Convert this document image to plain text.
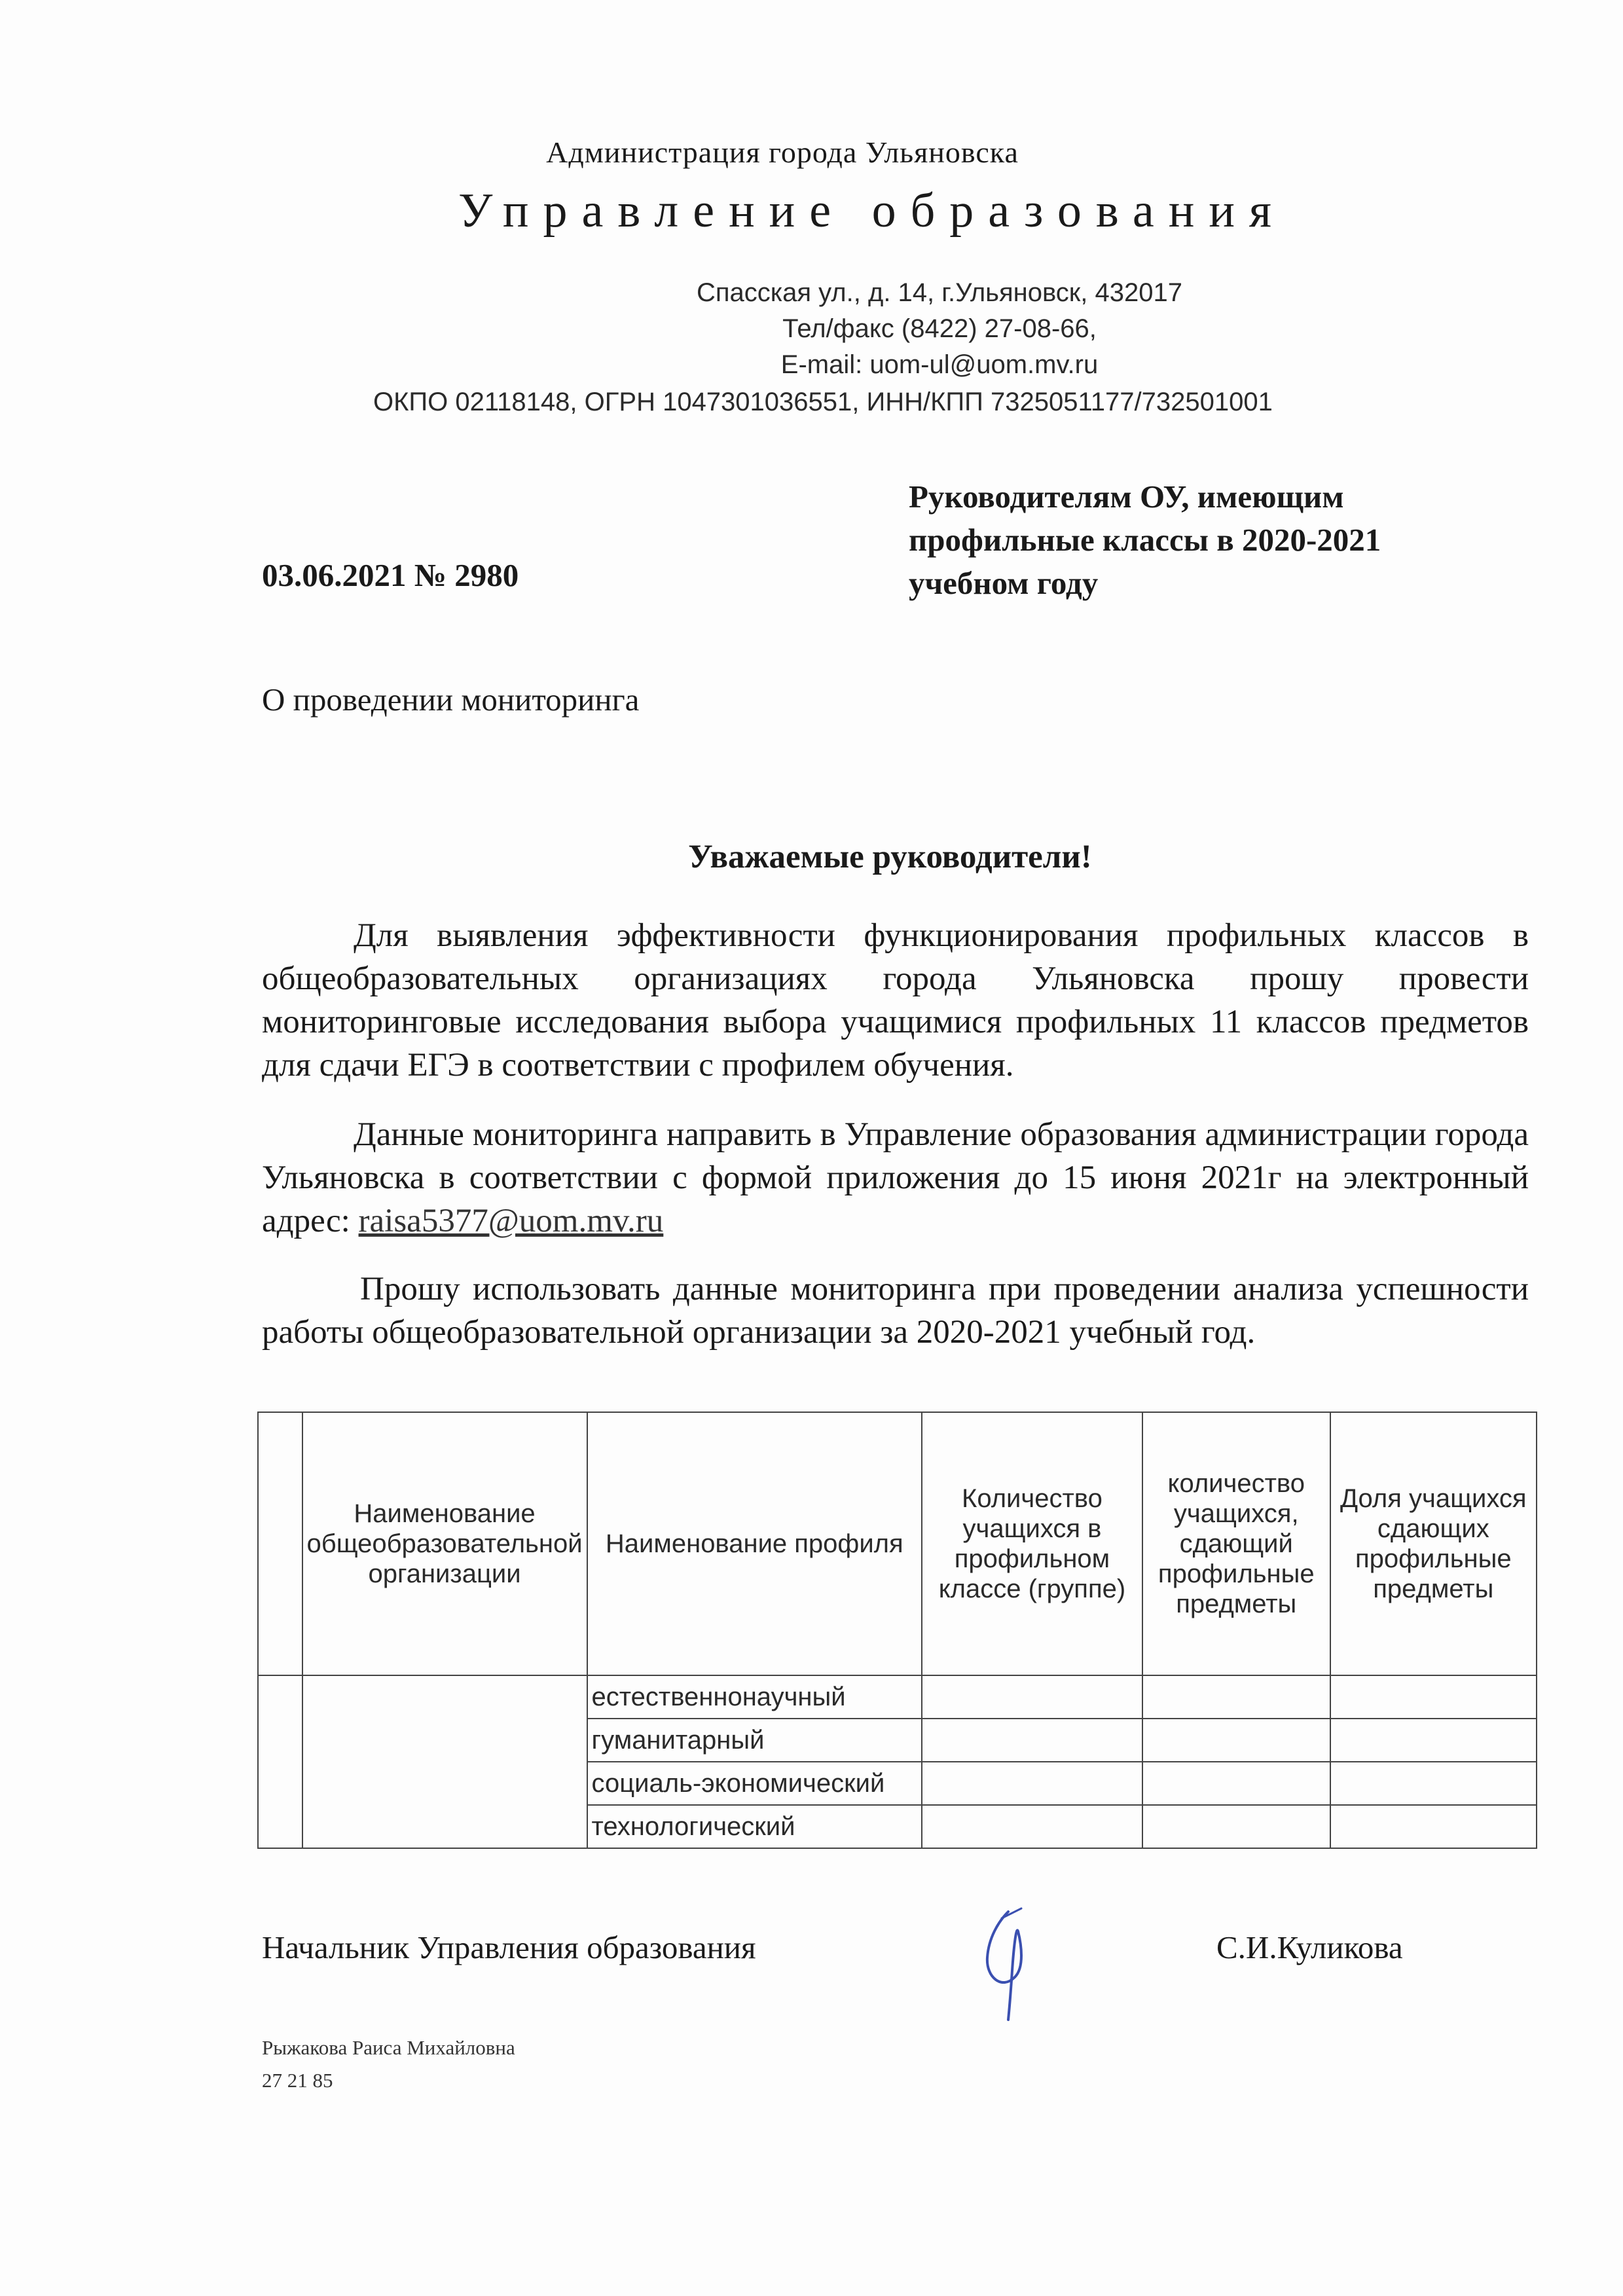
Администрация города Ульяновска
Управление образования
Спасская ул., д. 14, г.Ульяновск, 432017
Тел/факс (8422) 27-08-66,
E-mail: uom-ul@uom.mv.ru
ОКПО 02118148, ОГРН 1047301036551, ИНН/КПП 7325051177/732501001
Руководителям ОУ, имеющим профильные классы в 2020-2021 учебном году
03.06.2021 № 2980
О проведении мониторинга
Уважаемые руководители!
Для выявления эффективности функционирования профильных классов в общеобразовательных организациях города Ульяновска прошу провести мониторинговые исследования выбора учащимися профильных 11 классов предметов для сдачи ЕГЭ в соответствии с профилем обучения.
Данные мониторинга направить в Управление образования администрации города Ульяновска в соответствии с формой приложения до 15 июня 2021г на электронный адрес: raisa5377@uom.mv.ru
Прошу использовать данные мониторинга при проведении анализа успешности работы общеобразовательной организации за 2020-2021 учебный год.
	Наименование общеобразовательной организации	Наименование профиля	Количество учащихся в профильном классе (группе)	количество учащихся, сдающий профильные предметы	Доля учащихся сдающих профильные предметы
		естественнонаучный			
		гуманитарный			
		социаль-экономический			
		технологический			
Начальник Управления образования	С.И.Куликова
Рыжакова Раиса Михайловна
27 21 85
